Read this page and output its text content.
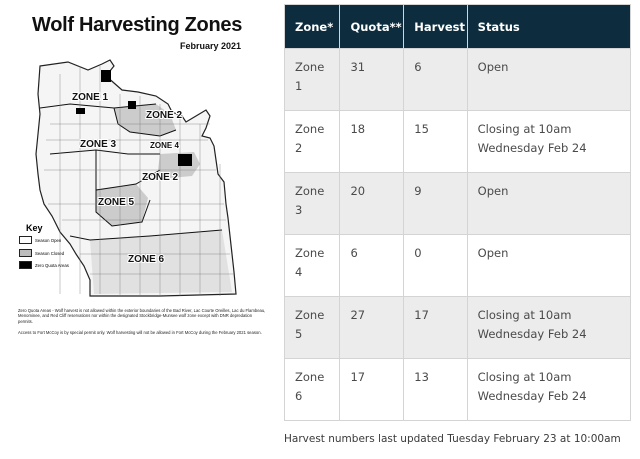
ZONE 1
ZONE 2
ZONE 3	ZONE 4
ZONE 2
ZONE 5
ZONE 6
Wolf Harvesting Zones
February 2021
Key
Season Open
Season Closed
Zero Quota Areas
Zero Quota Areas - Wolf harvest is not allowed within the exterior boundaries of the Bad River, Lac Courte Oreilles, Lac du Flambeau, Menominee, and Red Cliff reservations nor within the designated Stockbridge-Munsee wolf zone except with DNR depredation permits.
Access to Fort McCoy is by special permit only. Wolf harvesting will not be allowed in Fort McCoy during the February 2021 season.
Zone*	Quota**	Harvest	Status
Zone 1	31	6	Open
Zone 2	18	15	Closing at 10am Wednesday Feb 24
Zone 3	20	9	Open
Zone 4	6	0	Open
Zone 5	27	17	Closing at 10am Wednesday Feb 24
Zone 6	17	13	Closing at 10am Wednesday Feb 24
Harvest numbers last updated Tuesday February 23 at 10:00am
